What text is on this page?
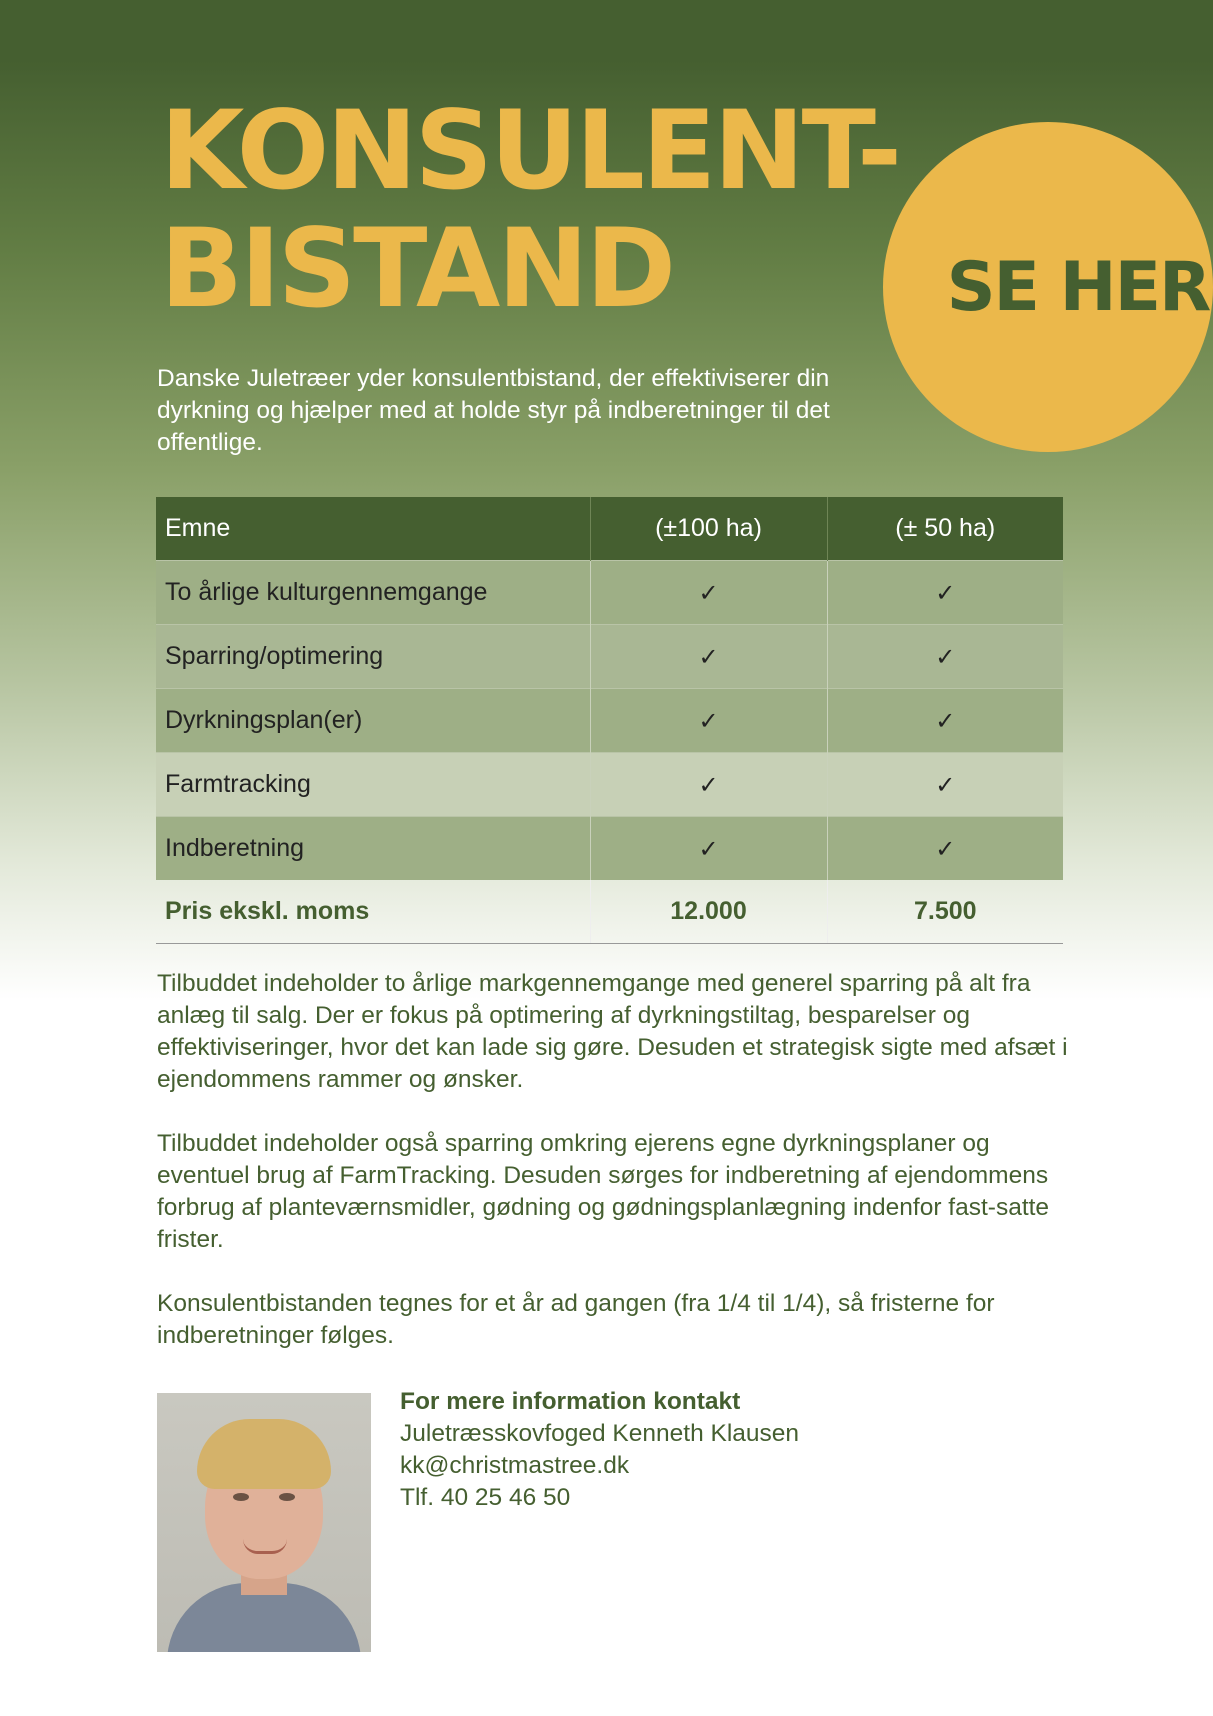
KONSULENT-
BISTAND	SE HER
Danske Juletræer yder konsulentbistand, der effektiviserer din dyrkning og hjælper med at holde styr på indberetninger til det offentlige.
Emne	(±100 ha)	(± 50 ha)
To årlige kulturgennemgange	✓	✓
Sparring/optimering	✓	✓
Dyrkningsplan(er)	✓	✓
Farmtracking	✓	✓
Indberetning	✓	✓
Pris ekskl. moms	12.000	7.500

Tilbuddet indeholder to årlige markgennemgange med generel sparring på alt fra anlæg til salg. Der er fokus på optimering af dyrkningstiltag, besparelser og effektiviseringer, hvor det kan lade sig gøre. Desuden et strategisk sigte med afsæt i ejendommens rammer og ønsker.

Tilbuddet indeholder også sparring omkring ejerens egne dyrkningsplaner og eventuel brug af FarmTracking. Desuden sørges for indberetning af ejendommens forbrug af planteværnsmidler, gødning og gødningsplanlægning indenfor fast-satte frister.

Konsulentbistanden tegnes for et år ad gangen (fra 1/4 til 1/4), så fristerne for indberetninger følges.

For mere information kontakt
Juletræsskovfoged Kenneth Klausen
kk@christmastree.dk
Tlf. 40 25 46 50
